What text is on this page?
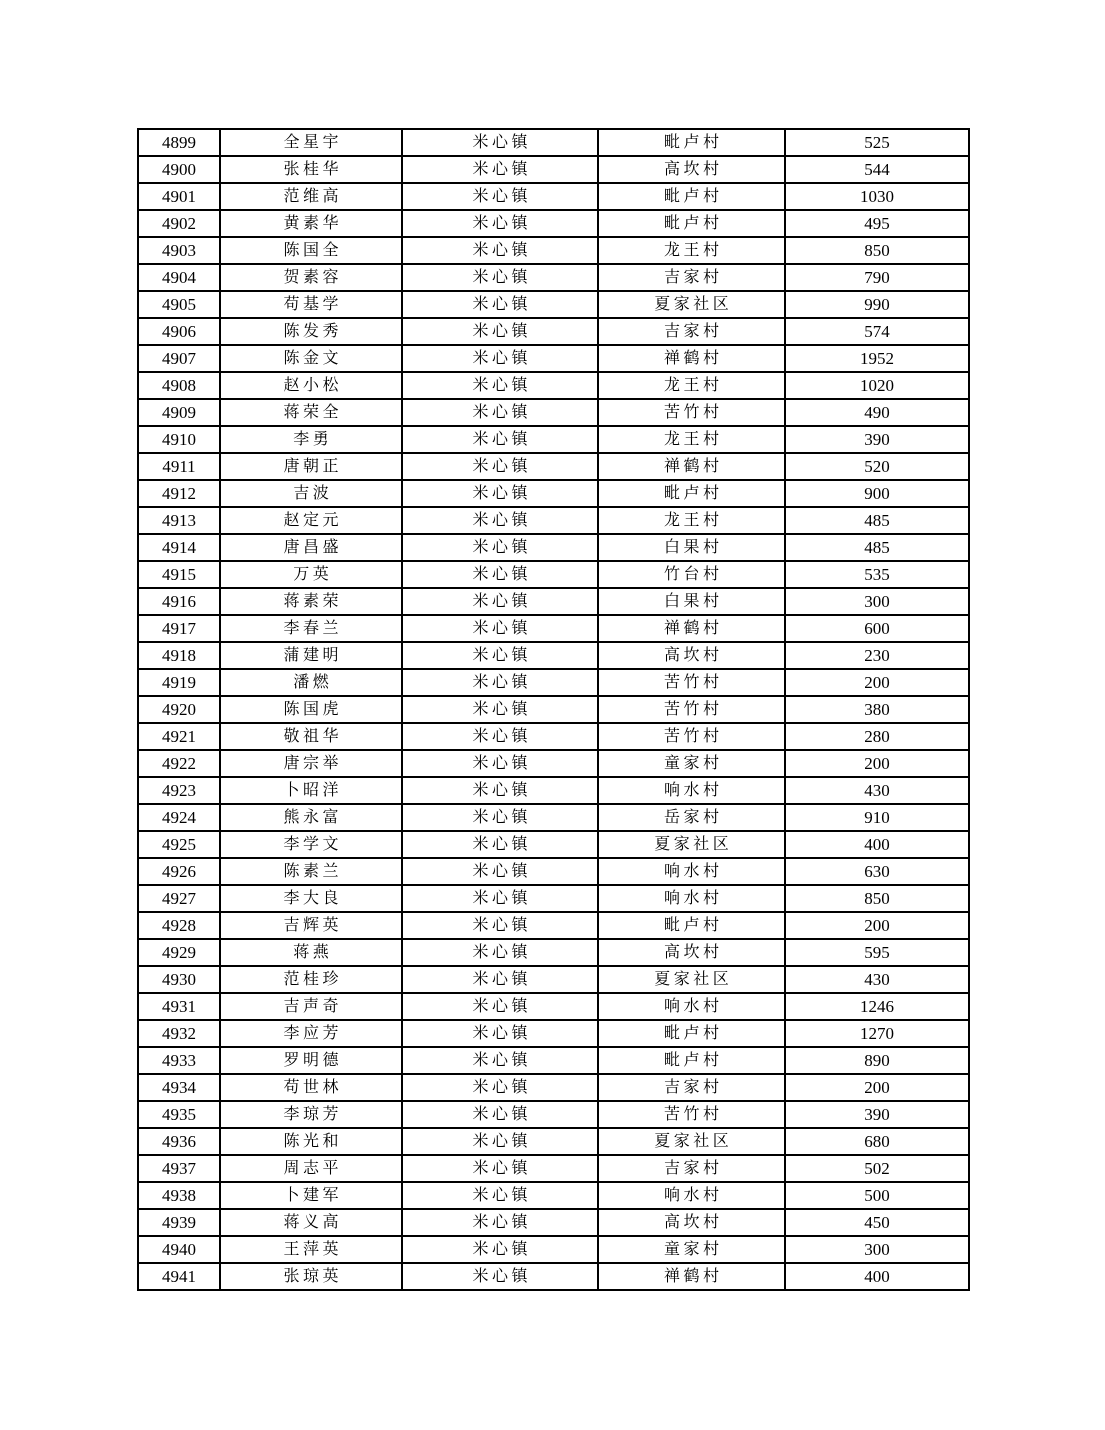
4899	全星宇	米心镇	毗卢村	525
4900	张桂华	米心镇	高坎村	544
4901	范维高	米心镇	毗卢村	1030
4902	黄素华	米心镇	毗卢村	495
4903	陈国全	米心镇	龙王村	850
4904	贺素容	米心镇	吉家村	790
4905	苟基学	米心镇	夏家社区	990
4906	陈发秀	米心镇	吉家村	574
4907	陈金文	米心镇	禅鹤村	1952
4908	赵小松	米心镇	龙王村	1020
4909	蒋荣全	米心镇	苦竹村	490
4910	李勇	米心镇	龙王村	390
4911	唐朝正	米心镇	禅鹤村	520
4912	吉波	米心镇	毗卢村	900
4913	赵定元	米心镇	龙王村	485
4914	唐昌盛	米心镇	白果村	485
4915	万英	米心镇	竹台村	535
4916	蒋素荣	米心镇	白果村	300
4917	李春兰	米心镇	禅鹤村	600
4918	蒲建明	米心镇	高坎村	230
4919	潘燃	米心镇	苦竹村	200
4920	陈国虎	米心镇	苦竹村	380
4921	敬祖华	米心镇	苦竹村	280
4922	唐宗举	米心镇	童家村	200
4923	卜昭洋	米心镇	响水村	430
4924	熊永富	米心镇	岳家村	910
4925	李学文	米心镇	夏家社区	400
4926	陈素兰	米心镇	响水村	630
4927	李大良	米心镇	响水村	850
4928	吉辉英	米心镇	毗卢村	200
4929	蒋燕	米心镇	高坎村	595
4930	范桂珍	米心镇	夏家社区	430
4931	吉声奇	米心镇	响水村	1246
4932	李应芳	米心镇	毗卢村	1270
4933	罗明德	米心镇	毗卢村	890
4934	苟世林	米心镇	吉家村	200
4935	李琼芳	米心镇	苦竹村	390
4936	陈光和	米心镇	夏家社区	680
4937	周志平	米心镇	吉家村	502
4938	卜建军	米心镇	响水村	500
4939	蒋义高	米心镇	高坎村	450
4940	王萍英	米心镇	童家村	300
4941	张琼英	米心镇	禅鹤村	400
